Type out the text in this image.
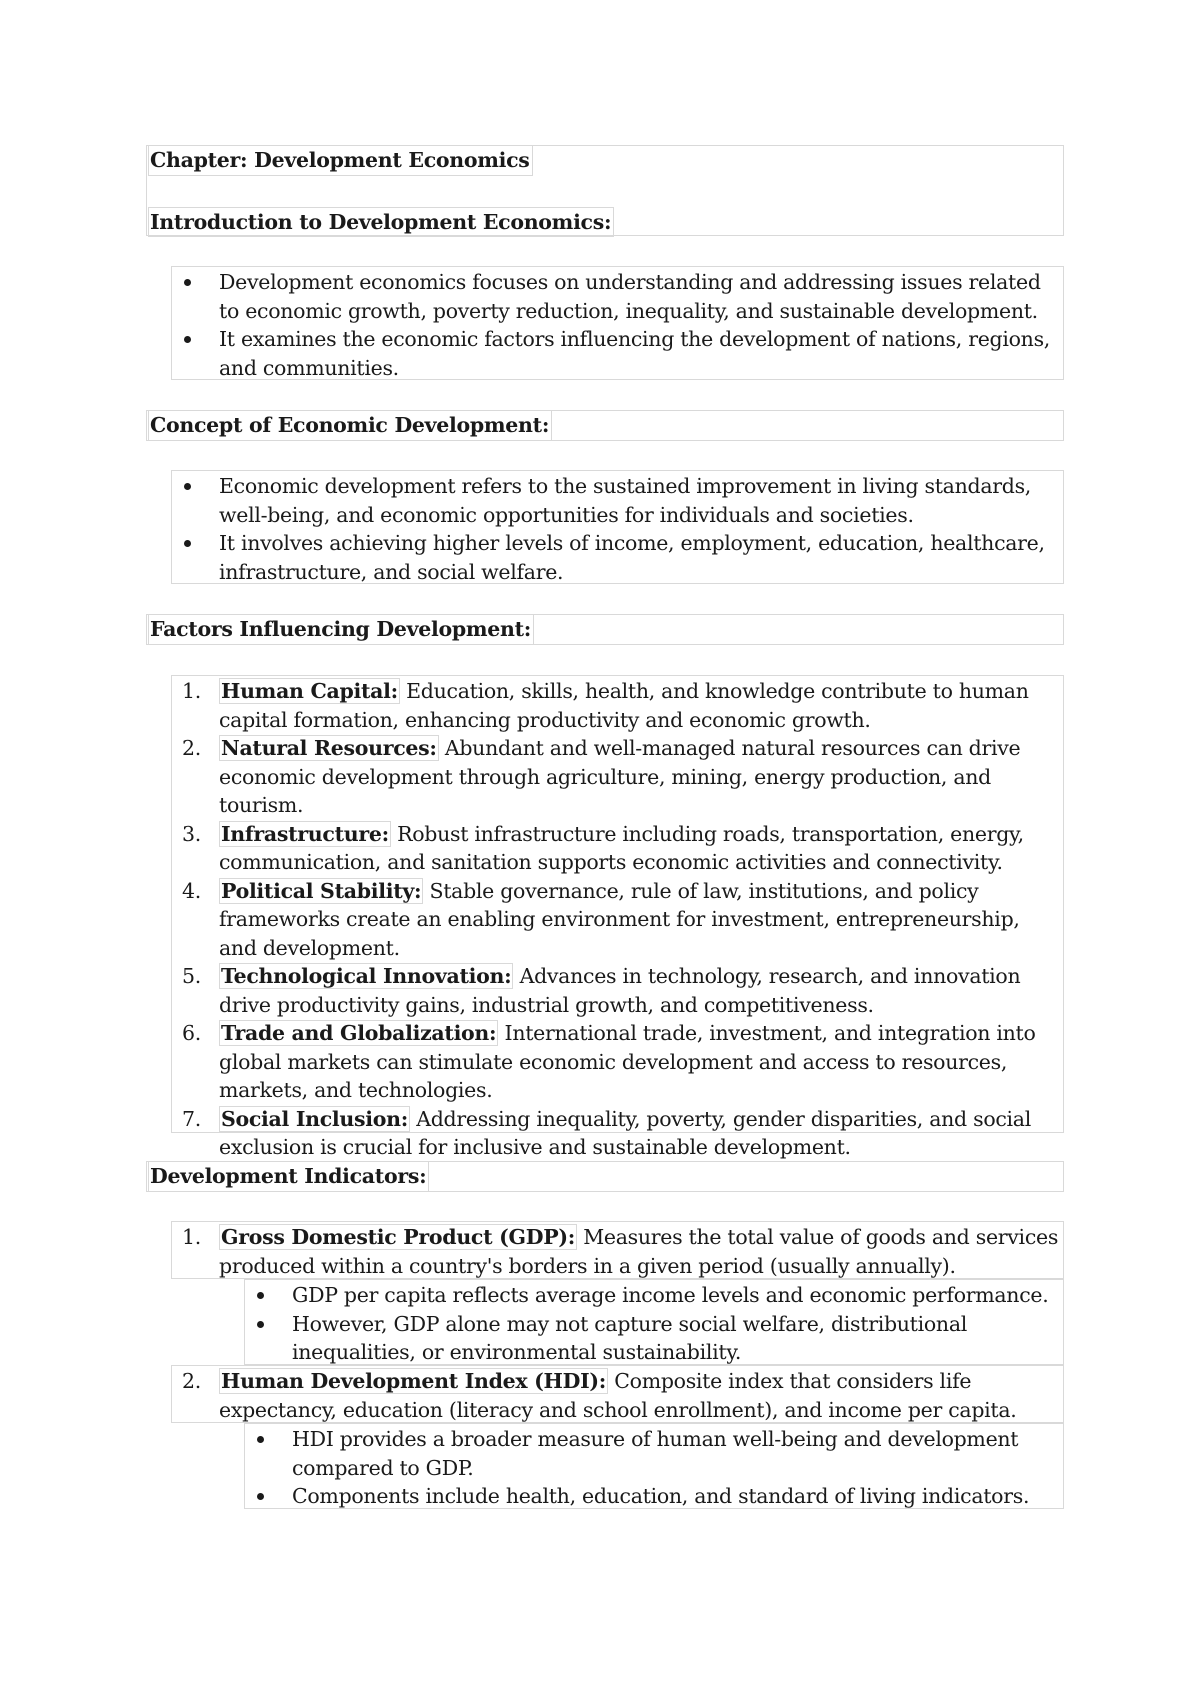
Chapter: Development Economics
Introduction to Development Economics:
Development economics focuses on understanding and addressing issues related to economic growth, poverty reduction, inequality, and sustainable development.
It examines the economic factors influencing the development of nations, regions, and communities.
Concept of Economic Development:
Economic development refers to the sustained improvement in living standards, well-being, and economic opportunities for individuals and societies.
It involves achieving higher levels of income, employment, education, healthcare, infrastructure, and social welfare.
Factors Influencing Development:
1. Human Capital: Education, skills, health, and knowledge contribute to human capital formation, enhancing productivity and economic growth.
2. Natural Resources: Abundant and well-managed natural resources can drive economic development through agriculture, mining, energy production, and tourism.
3. Infrastructure: Robust infrastructure including roads, transportation, energy, communication, and sanitation supports economic activities and connectivity.
4. Political Stability: Stable governance, rule of law, institutions, and policy frameworks create an enabling environment for investment, entrepreneurship, and development.
5. Technological Innovation: Advances in technology, research, and innovation drive productivity gains, industrial growth, and competitiveness.
6. Trade and Globalization: International trade, investment, and integration into global markets can stimulate economic development and access to resources, markets, and technologies.
7. Social Inclusion: Addressing inequality, poverty, gender disparities, and social exclusion is crucial for inclusive and sustainable development.
Development Indicators:
1. Gross Domestic Product (GDP): Measures the total value of goods and services produced within a country's borders in a given period (usually annually).
GDP per capita reflects average income levels and economic performance.
However, GDP alone may not capture social welfare, distributional inequalities, or environmental sustainability.
2. Human Development Index (HDI): Composite index that considers life expectancy, education (literacy and school enrollment), and income per capita.
HDI provides a broader measure of human well-being and development compared to GDP.
Components include health, education, and standard of living indicators.
